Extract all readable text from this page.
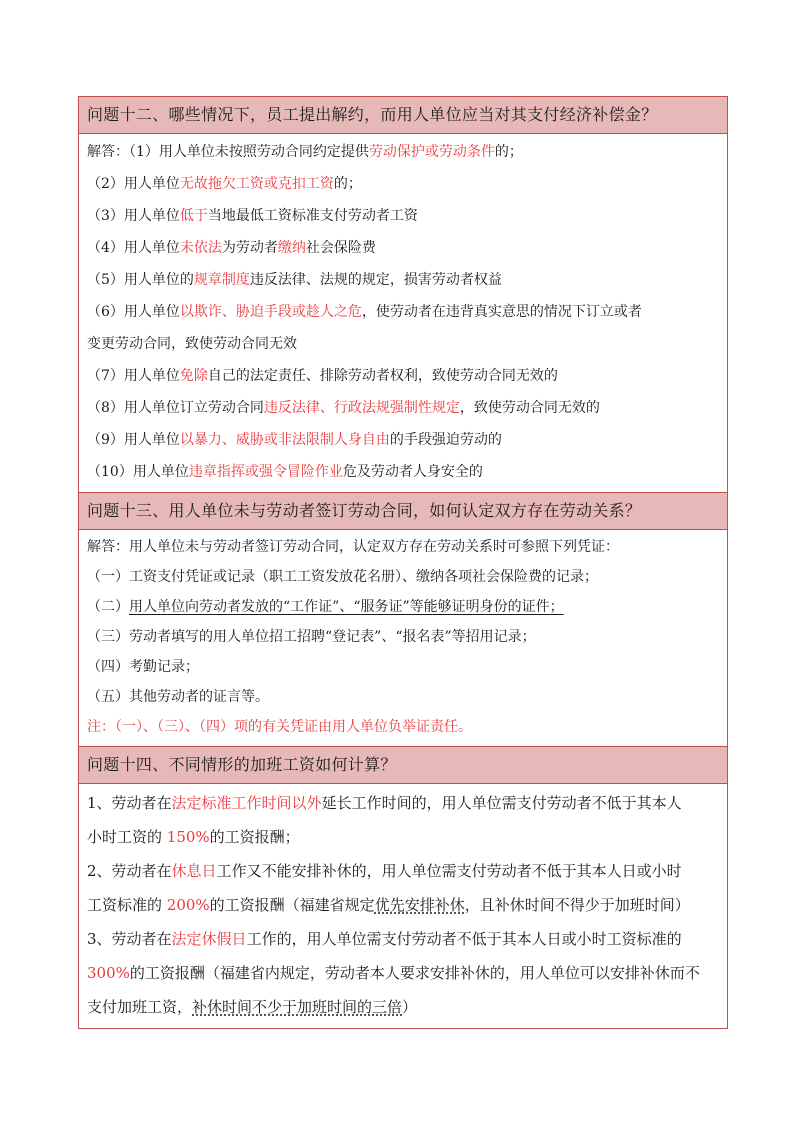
问题十二、哪些情况下，员工提出解约，而用人单位应当对其支付经济补偿金？
解答：（1）用人单位未按照劳动合同约定提供劳动保护或劳动条件的；
（2）用人单位无故拖欠工资或克扣工资的；
（3）用人单位低于当地最低工资标准支付劳动者工资
（4）用人单位未依法为劳动者缴纳社会保险费
（5）用人单位的规章制度违反法律、法规的规定，损害劳动者权益
（6）用人单位以欺诈、胁迫手段或趁人之危，使劳动者在违背真实意思的情况下订立或者
变更劳动合同，致使劳动合同无效
（7）用人单位免除自己的法定责任、排除劳动者权利，致使劳动合同无效的
（8）用人单位订立劳动合同违反法律、行政法规强制性规定，致使劳动合同无效的
（9）用人单位以暴力、威胁或非法限制人身自由的手段强迫劳动的
（10）用人单位违章指挥或强令冒险作业危及劳动者人身安全的
问题十三、用人单位未与劳动者签订劳动合同，如何认定双方存在劳动关系？
解答：用人单位未与劳动者签订劳动合同，认定双方存在劳动关系时可参照下列凭证：
（一）工资支付凭证或记录（职工工资发放花名册）、缴纳各项社会保险费的记录；
（二）用人单位向劳动者发放的“工作证”、“服务证”等能够证明身份的证件；
（三）劳动者填写的用人单位招工招聘“登记表”、“报名表”等招用记录；
（四）考勤记录；
（五）其他劳动者的证言等。
注：（一）、（三）、（四）项的有关凭证由用人单位负举证责任。
问题十四、不同情形的加班工资如何计算？
1、劳动者在法定标准工作时间以外延长工作时间的，用人单位需支付劳动者不低于其本人
小时工资的 150%的工资报酬；
2、劳动者在休息日工作又不能安排补休的，用人单位需支付劳动者不低于其本人日或小时
工资标准的 200%的工资报酬（福建省规定优先安排补休，且补休时间不得少于加班时间）
3、劳动者在法定休假日工作的，用人单位需支付劳动者不低于其本人日或小时工资标准的
300%的工资报酬（福建省内规定，劳动者本人要求安排补休的，用人单位可以安排补休而不
支付加班工资，补休时间不少于加班时间的三倍）
